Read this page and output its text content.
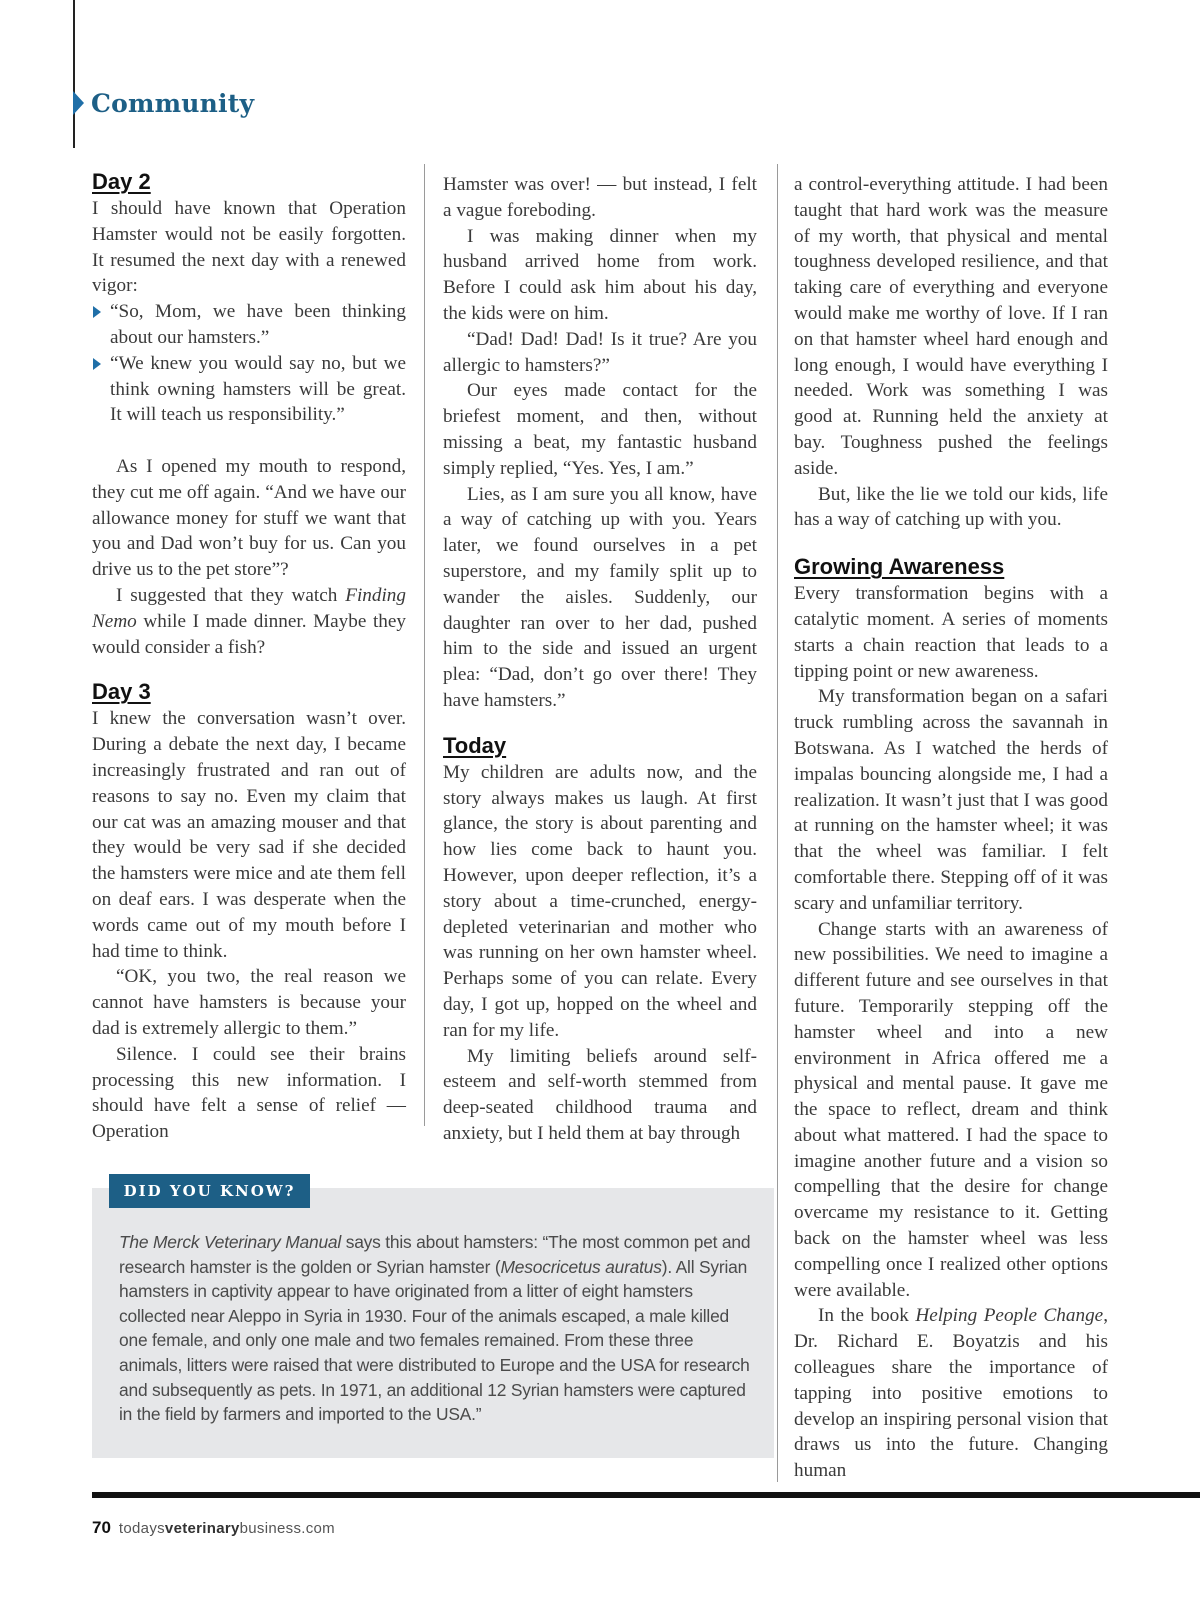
Community
Day 2

I should have known that Operation Hamster would not be easily forgotten. It resumed the next day with a renewed vigor:

“So, Mom, we have been thinking about our hamsters.”
“We knew you would say no, but we think owning hamsters will be great. It will teach us responsibility.”

As I opened my mouth to respond, they cut me off again. “And we have our allowance money for stuff we want that you and Dad won’t buy for us. Can you drive us to the pet store”?

I suggested that they watch Finding Nemo while I made dinner. Maybe they would consider a fish?

Day 3

I knew the conversation wasn’t over. During a debate the next day, I became increasingly frustrated and ran out of reasons to say no. Even my claim that our cat was an amazing mouser and that they would be very sad if she decided the hamsters were mice and ate them fell on deaf ears. I was desperate when the words came out of my mouth before I had time to think.

“OK, you two, the real reason we cannot have hamsters is because your dad is extremely allergic to them.”

Silence. I could see their brains processing this new information. I should have felt a sense of relief — Operation

Hamster was over! — but instead, I felt a vague foreboding.

I was making dinner when my husband arrived home from work. Before I could ask him about his day, the kids were on him.

“Dad! Dad! Dad! Is it true? Are you allergic to hamsters?”

Our eyes made contact for the briefest moment, and then, without missing a beat, my fantastic husband simply replied, “Yes. Yes, I am.”

Lies, as I am sure you all know, have a way of catching up with you. Years later, we found ourselves in a pet superstore, and my family split up to wander the aisles. Suddenly, our daughter ran over to her dad, pushed him to the side and issued an urgent plea: “Dad, don’t go over there! They have hamsters.”

Today

My children are adults now, and the story always makes us laugh. At first glance, the story is about parenting and how lies come back to haunt you. However, upon deeper reflection, it’s a story about a time-crunched, energy-depleted veterinarian and mother who was running on her own hamster wheel. Perhaps some of you can relate. Every day, I got up, hopped on the wheel and ran for my life.

My limiting beliefs around self-esteem and self-worth stemmed from deep-seated childhood trauma and anxiety, but I held them at bay through

a control-everything attitude. I had been taught that hard work was the measure of my worth, that physical and mental toughness developed resilience, and that taking care of everything and everyone would make me worthy of love. If I ran on that hamster wheel hard enough and long enough, I would have everything I needed. Work was something I was good at. Running held the anxiety at bay. Toughness pushed the feelings aside.

But, like the lie we told our kids, life has a way of catching up with you.

Growing Awareness

Every transformation begins with a catalytic moment. A series of moments starts a chain reaction that leads to a tipping point or new awareness.

My transformation began on a safari truck rumbling across the savannah in Botswana. As I watched the herds of impalas bouncing alongside me, I had a realization. It wasn’t just that I was good at running on the hamster wheel; it was that the wheel was familiar. I felt comfortable there. Stepping off of it was scary and unfamiliar territory.

Change starts with an awareness of new possibilities. We need to imagine a different future and see ourselves in that future. Temporarily stepping off the hamster wheel and into a new environment in Africa offered me a physical and mental pause. It gave me the space to reflect, dream and think about what mattered. I had the space to imagine another future and a vision so compelling that the desire for change overcame my resistance to it. Getting back on the hamster wheel was less compelling once I realized other options were available.

In the book Helping People Change, Dr. Richard E. Boyatzis and his colleagues share the importance of tapping into positive emotions to develop an inspiring personal vision that draws us into the future. Changing human

DID YOU KNOW?

The Merck Veterinary Manual says this about hamsters: “The most common pet and research hamster is the golden or Syrian hamster (Mesocricetus auratus). All Syrian hamsters in captivity appear to have originated from a litter of eight hamsters collected near Aleppo in Syria in 1930. Four of the animals escaped, a male killed one female, and only one male and two females remained. From these three animals, litters were raised that were distributed to Europe and the USA for research and subsequently as pets. In 1971, an additional 12 Syrian hamsters were captured in the field by farmers and imported to the USA.”

70 todaysveterinarybusiness.com
